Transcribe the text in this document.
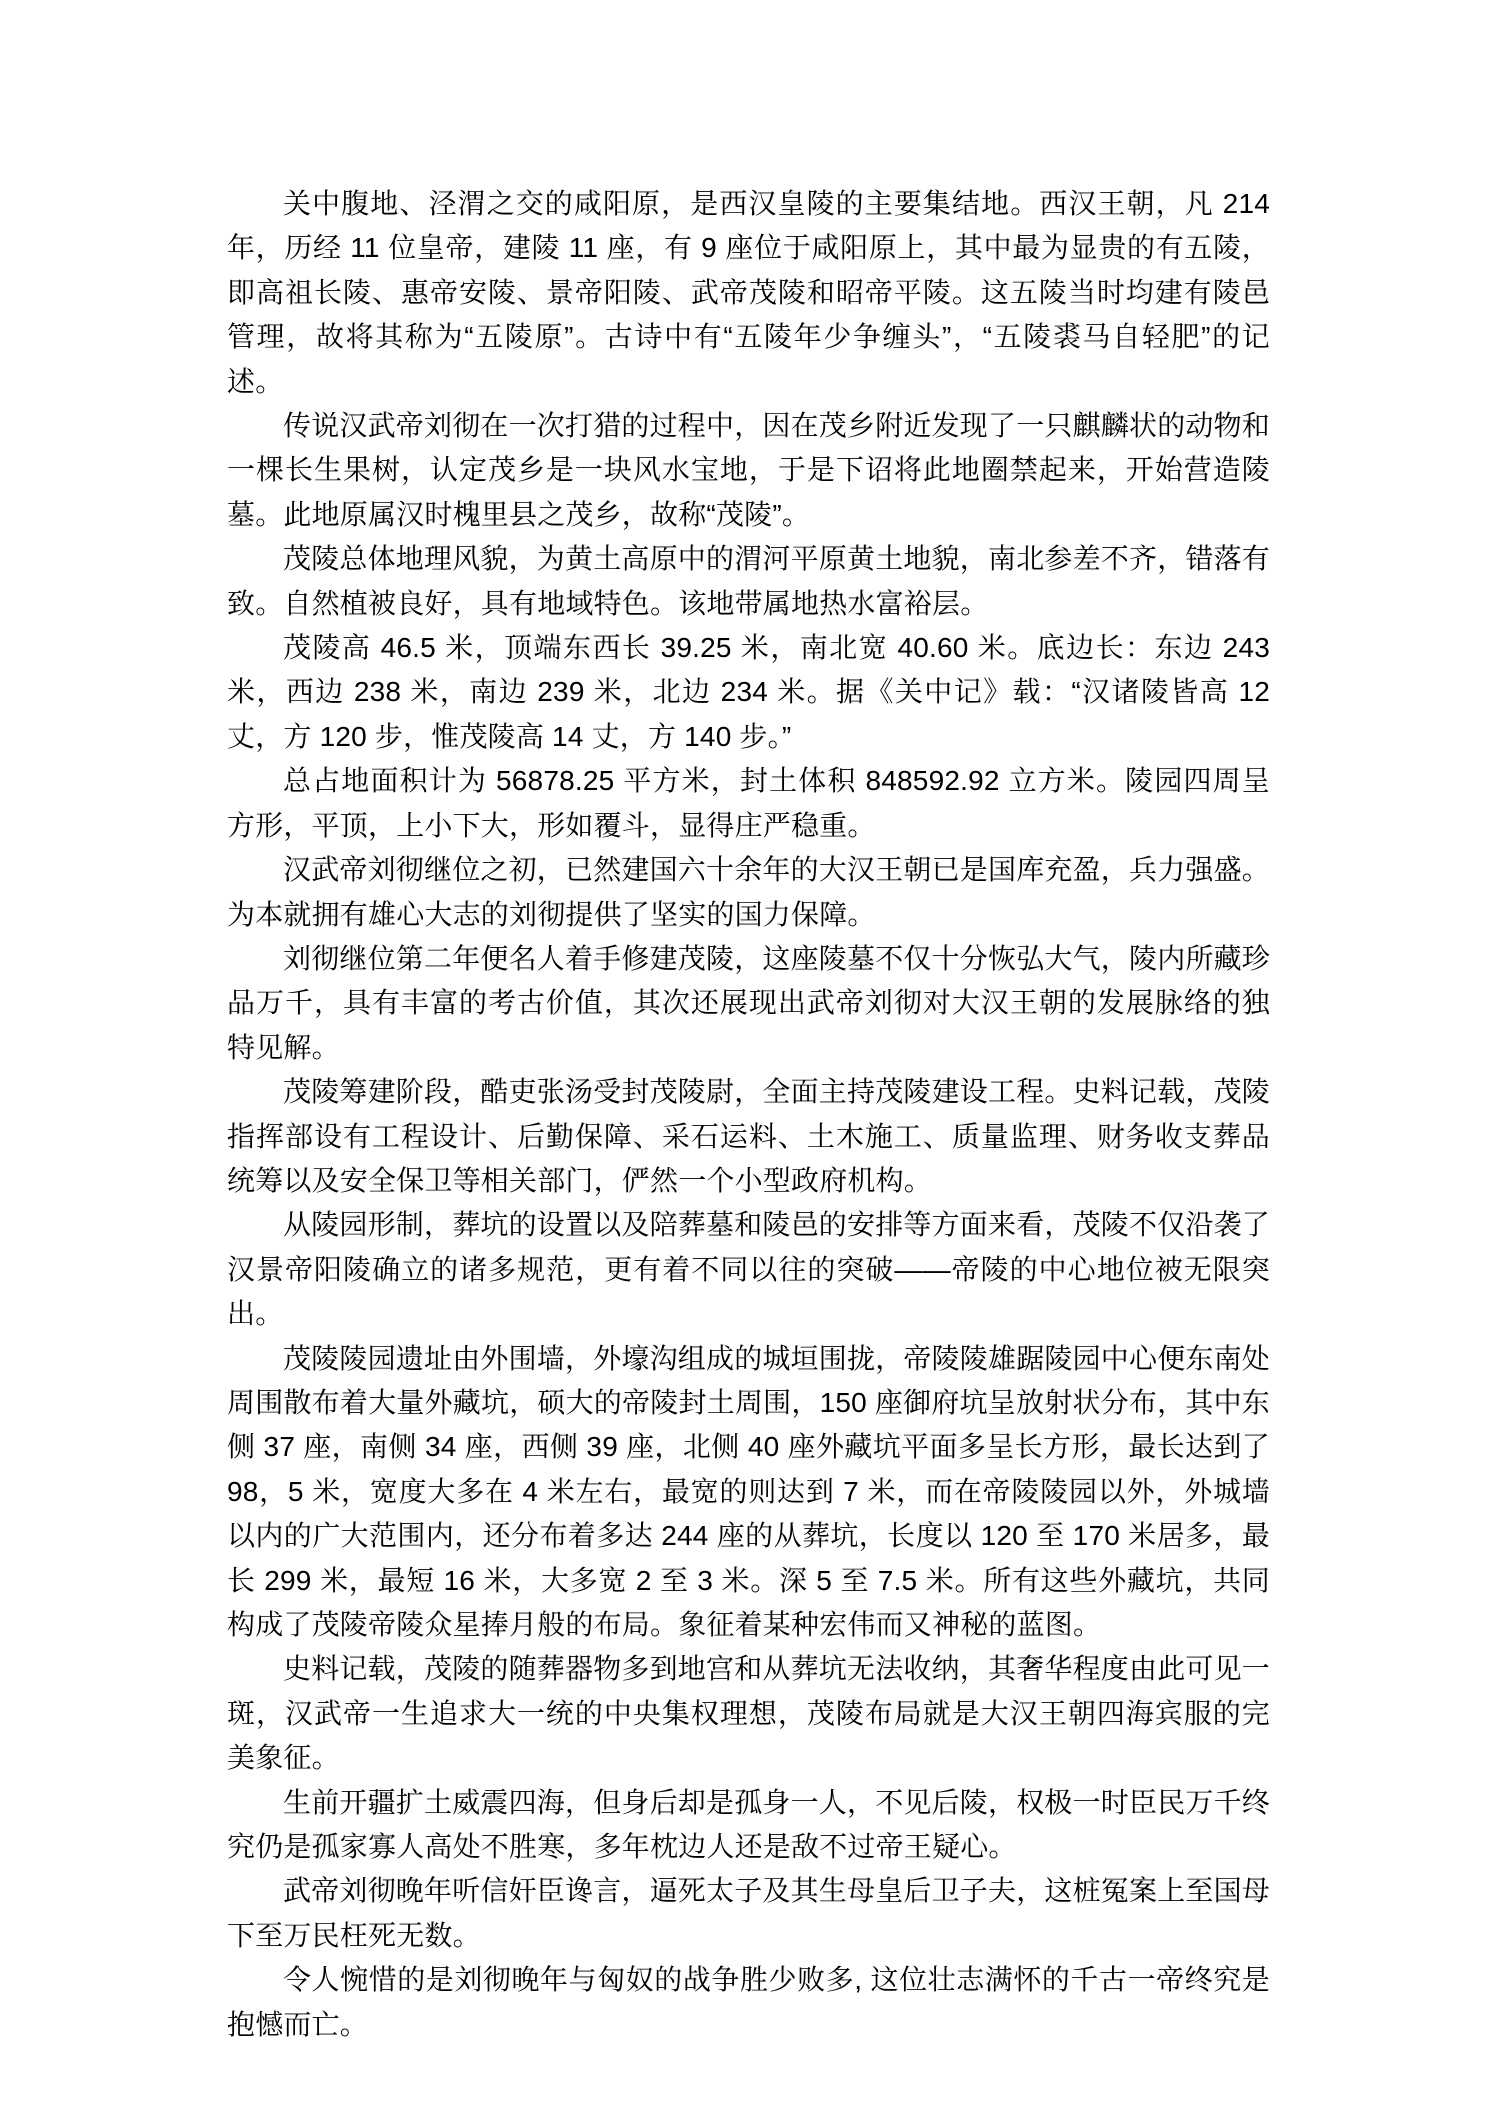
关中腹地、泾渭之交的咸阳原，是西汉皇陵的主要集结地。西汉王朝，凡 214 年，历经 11 位皇帝，建陵 11 座，有 9 座位于咸阳原上，其中最为显贵的有五陵，即高祖长陵、惠帝安陵、景帝阳陵、武帝茂陵和昭帝平陵。这五陵当时均建有陵邑管理，故将其称为“五陵原”。古诗中有“五陵年少争缠头”，“五陵裘马自轻肥”的记述。

传说汉武帝刘彻在一次打猎的过程中，因在茂乡附近发现了一只麒麟状的动物和一棵长生果树，认定茂乡是一块风水宝地，于是下诏将此地圈禁起来，开始营造陵墓。此地原属汉时槐里县之茂乡，故称“茂陵”。

茂陵总体地理风貌，为黄土高原中的渭河平原黄土地貌，南北参差不齐，错落有致。自然植被良好，具有地域特色。该地带属地热水富裕层。

茂陵高 46.5 米，顶端东西长 39.25 米，南北宽 40.60 米。底边长：东边 243 米，西边 238 米，南边 239 米，北边 234 米。据《关中记》载：“汉诸陵皆高 12 丈，方 120 步，惟茂陵高 14 丈，方 140 步。”

总占地面积计为 56878.25 平方米，封土体积 848592.92 立方米。陵园四周呈方形，平顶，上小下大，形如覆斗，显得庄严稳重。

汉武帝刘彻继位之初，已然建国六十余年的大汉王朝已是国库充盈，兵力强盛。为本就拥有雄心大志的刘彻提供了坚实的国力保障。

刘彻继位第二年便名人着手修建茂陵，这座陵墓不仅十分恢弘大气，陵内所藏珍品万千，具有丰富的考古价值，其次还展现出武帝刘彻对大汉王朝的发展脉络的独特见解。

茂陵筹建阶段，酷吏张汤受封茂陵尉，全面主持茂陵建设工程。史料记载，茂陵指挥部设有工程设计、后勤保障、采石运料、土木施工、质量监理、财务收支葬品统筹以及安全保卫等相关部门，俨然一个小型政府机构。

从陵园形制，葬坑的设置以及陪葬墓和陵邑的安排等方面来看，茂陵不仅沿袭了汉景帝阳陵确立的诸多规范，更有着不同以往的突破——帝陵的中心地位被无限突出。

茂陵陵园遗址由外围墙，外壕沟组成的城垣围拢，帝陵陵雄踞陵园中心便东南处周围散布着大量外藏坑，硕大的帝陵封土周围，150 座御府坑呈放射状分布，其中东侧 37 座，南侧 34 座，西侧 39 座，北侧 40 座外藏坑平面多呈长方形，最长达到了 98，5 米，宽度大多在 4 米左右，最宽的则达到 7 米，而在帝陵陵园以外，外城墙以内的广大范围内，还分布着多达 244 座的从葬坑，长度以 120 至 170 米居多，最长 299 米，最短 16 米，大多宽 2 至 3 米。深 5 至 7.5 米。所有这些外藏坑，共同构成了茂陵帝陵众星捧月般的布局。象征着某种宏伟而又神秘的蓝图。

史料记载，茂陵的随葬器物多到地宫和从葬坑无法收纳，其奢华程度由此可见一斑，汉武帝一生追求大一统的中央集权理想，茂陵布局就是大汉王朝四海宾服的完美象征。

生前开疆扩土威震四海，但身后却是孤身一人，不见后陵，权极一时臣民万千终究仍是孤家寡人高处不胜寒，多年枕边人还是敌不过帝王疑心。

武帝刘彻晚年听信奸臣谗言，逼死太子及其生母皇后卫子夫，这桩冤案上至国母下至万民枉死无数。

令人惋惜的是刘彻晚年与匈奴的战争胜少败多, 这位壮志满怀的千古一帝终究是抱憾而亡。
